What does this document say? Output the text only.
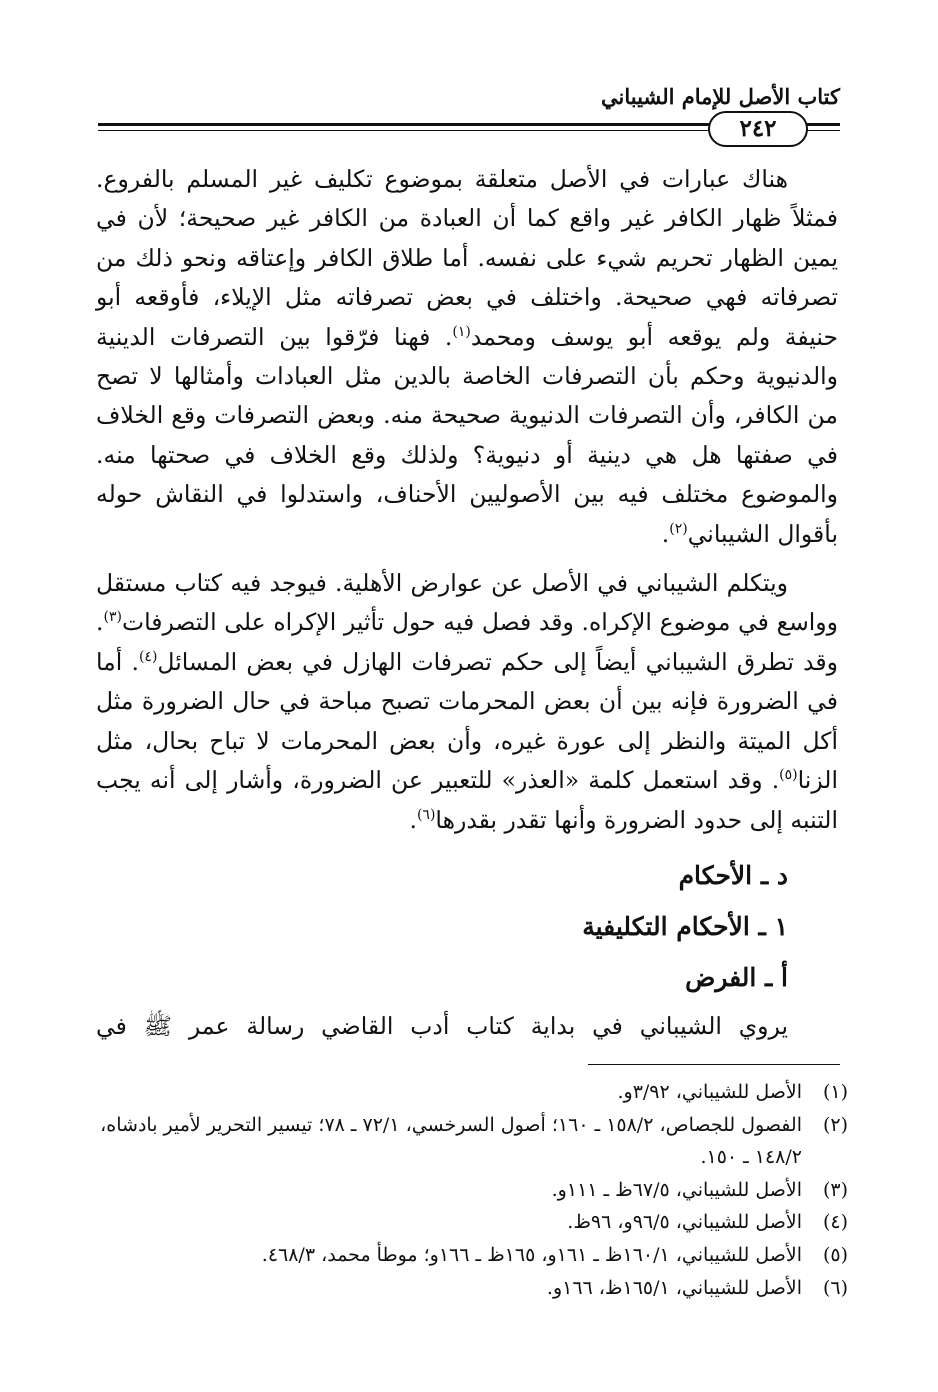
كتاب الأصل للإمام الشيباني
٢٤٢

هناك عبارات في الأصل متعلقة بموضوع تكليف غير المسلم بالفروع. فمثلاً ظهار الكافر غير واقع كما أن العبادة من الكافر غير صحيحة؛ لأن في يمين الظهار تحريم شيء على نفسه. أما طلاق الكافر وإعتاقه ونحو ذلك من تصرفاته فهي صحيحة. واختلف في بعض تصرفاته مثل الإيلاء، فأوقعه أبو حنيفة ولم يوقعه أبو يوسف ومحمد$^{(١)}$. فهنا فرّقوا بين التصرفات الدينية والدنيوية وحكم بأن التصرفات الخاصة بالدين مثل العبادات وأمثالها لا تصح من الكافر، وأن التصرفات الدنيوية صحيحة منه. وبعض التصرفات وقع الخلاف في صفتها هل هي دينية أو دنيوية؟ ولذلك وقع الخلاف في صحتها منه. والموضوع مختلف فيه بين الأصوليين الأحناف، واستدلوا في النقاش حوله بأقوال الشيباني$^{(٢)}$.

ويتكلم الشيباني في الأصل عن عوارض الأهلية. فيوجد فيه كتاب مستقل وواسع في موضوع الإكراه. وقد فصل فيه حول تأثير الإكراه على التصرفات$^{(٣)}$. وقد تطرق الشيباني أيضاً إلى حكم تصرفات الهازل في بعض المسائل$^{(٤)}$. أما في الضرورة فإنه بين أن بعض المحرمات تصبح مباحة في حال الضرورة مثل أكل الميتة والنظر إلى عورة غيره، وأن بعض المحرمات لا تباح بحال، مثل الزنا$^{(٥)}$. وقد استعمل كلمة «العذر» للتعبير عن الضرورة، وأشار إلى أنه يجب التنبه إلى حدود الضرورة وأنها تقدر بقدرها$^{(٦)}$.

د ـ الأحكام

١ ـ الأحكام التكليفية

أ ـ الفرض

يروي الشيباني في بداية كتاب أدب القاضي رسالة عمر ﷺ في

(١)
الأصل للشيباني، ٣/٩٢و.
(٢)
الفصول للجصاص، ١٥٨/٢ ـ ١٦٠؛ أصول السرخسي، ٧٢/١ ـ ٧٨؛ تيسير التحرير لأمير بادشاه، ١٤٨/٢ ـ ١٥٠.
(٣)
الأصل للشيباني، ٦٧/٥ظ ـ ١١١و.
(٤)
الأصل للشيباني، ٩٦/٥و، ٩٦ظ.
(٥)
الأصل للشيباني، ١٦٠/١ظ ـ ١٦١و، ١٦٥ظ ـ ١٦٦و؛ موطأ محمد، ٤٦٨/٣.
(٦)
الأصل للشيباني، ١٦٥/١ظ، ١٦٦و.
